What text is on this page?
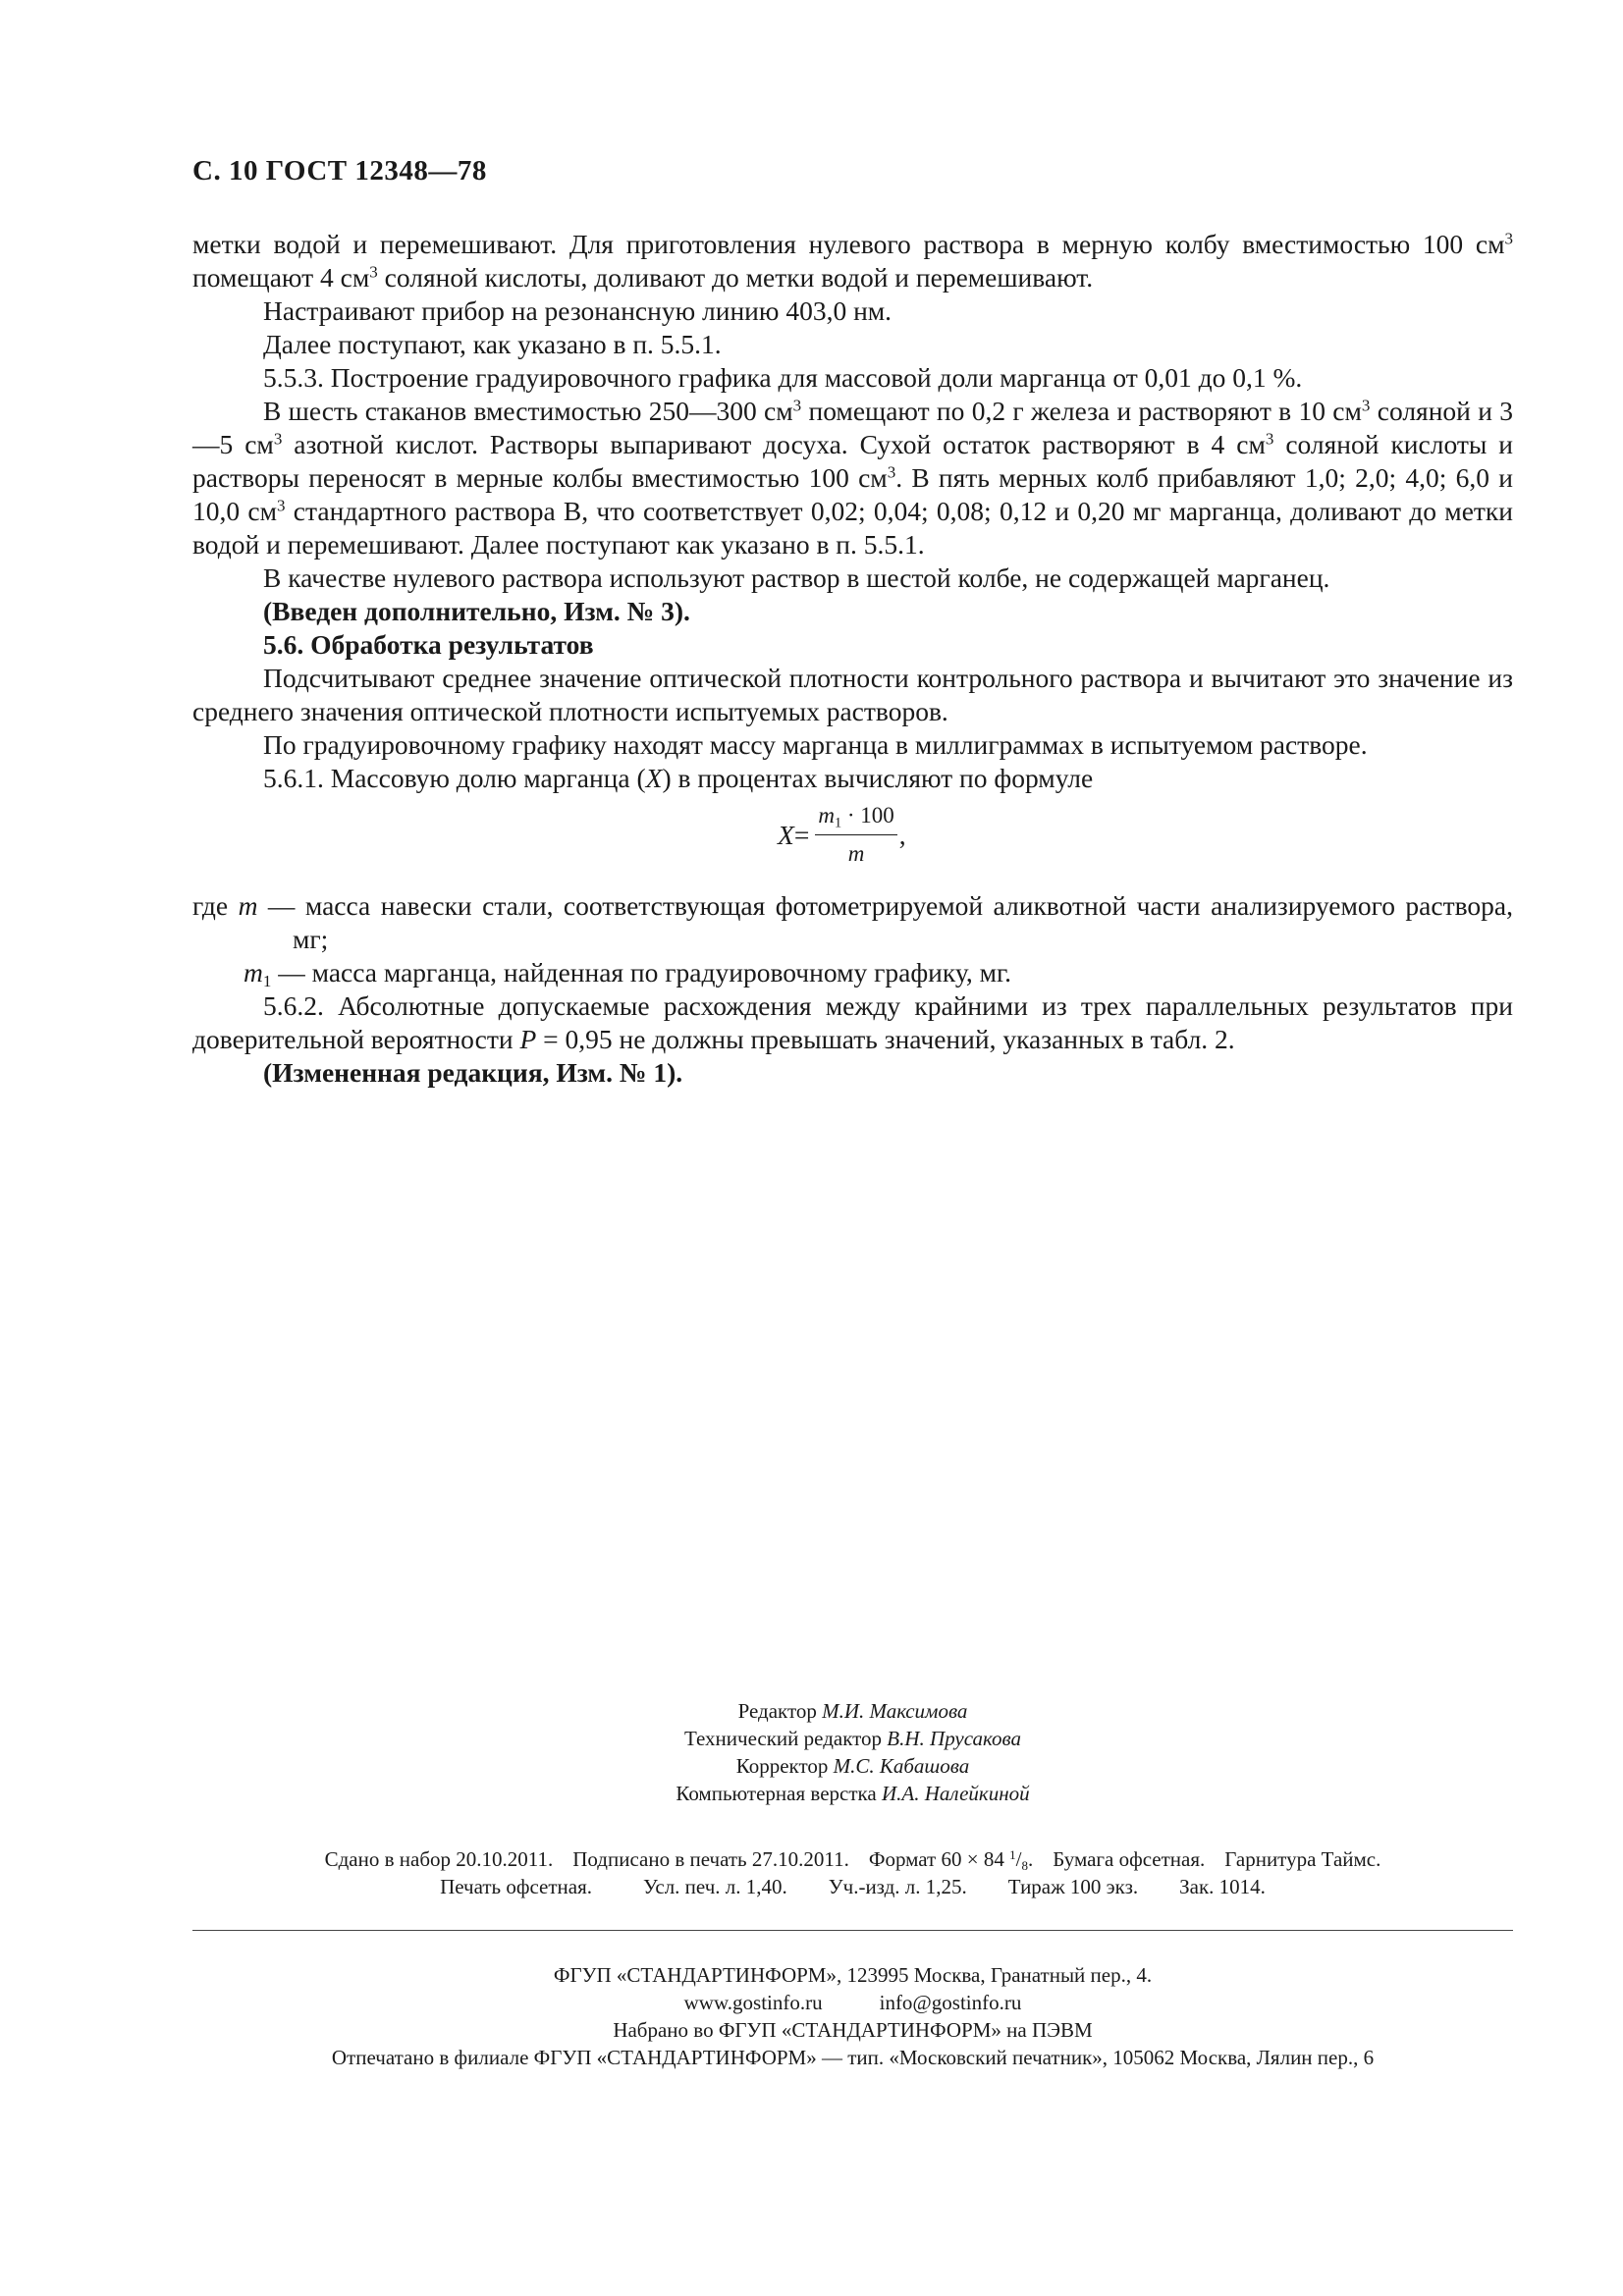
С. 10 ГОСТ 12348—78

метки водой и перемешивают. Для приготовления нулевого раствора в мерную колбу вместимостью 100 $см^3$ помещают 4 $см^3$ соляной кислоты, доливают до метки водой и перемешивают.

Настраивают прибор на резонансную линию 403,0 нм.

Далее поступают, как указано в п. 5.5.1.

5.5.3. Построение градуировочного графика для массовой доли марганца от 0,01 до 0,1 %.

В шесть стаканов вместимостью 250—300 $см^3$ помещают по 0,2 г железа и растворяют в 10 $см^3$ соляной и 3—5 $см^3$ азотной кислот. Растворы выпаривают досуха. Сухой остаток растворяют в 4 $см^3$ соляной кислоты и растворы переносят в мерные колбы вместимостью 100 $см^3$. В пять мерных колб прибавляют 1,0; 2,0; 4,0; 6,0 и 10,0 $см^3$ стандартного раствора В, что соответствует 0,02; 0,04; 0,08; 0,12 и 0,20 мг марганца, доливают до метки водой и перемешивают. Далее поступают как указано в п. 5.5.1.

В качестве нулевого раствора используют раствор в шестой колбе, не содержащей марганец.

(Введен дополнительно, Изм. № 3).

5.6. Обработка результатов

Подсчитывают среднее значение оптической плотности контрольного раствора и вычитают это значение из среднего значения оптической плотности испытуемых растворов.

По градуировочному графику находят массу марганца в миллиграммах в испытуемом растворе.

5.6.1. Массовую долю марганца (X) в процентах вычисляют по формуле

$X = \frac{m_1 \cdot 100}{m}$ ,

где m — масса навески стали, соответствующая фотометрируемой аликвотной части анализируемого раствора, мг;

$m_1$ — масса марганца, найденная по градуировочному графику, мг.

5.6.2. Абсолютные допускаемые расхождения между крайними из трех параллельных результатов при доверительной вероятности P = 0,95 не должны превышать значений, указанных в табл. 2.

(Измененная редакция, Изм. № 1).

Редактор М.И. Максимова
Технический редактор В.Н. Прусакова
Корректор М.С. Кабашова
Компьютерная верстка И.А. Налейкиной
Сдано в набор 20.10.2011. Подписано в печать 27.10.2011. Формат 60 × 84 $^1/_8$. Бумага офсетная. Гарнитура Таймс.
Печать офсетная. Усл. печ. л. 1,40. Уч.-изд. л. 1,25. Тираж 100 экз. Зак. 1014.
ФГУП «СТАНДАРТИНФОРМ», 123995 Москва, Гранатный пер., 4.
www.gostinfo.ru	info@gostinfo.ru
Набрано во ФГУП «СТАНДАРТИНФОРМ» на ПЭВМ
Отпечатано в филиале ФГУП «СТАНДАРТИНФОРМ» — тип. «Московский печатник», 105062 Москва, Лялин пер., 6
